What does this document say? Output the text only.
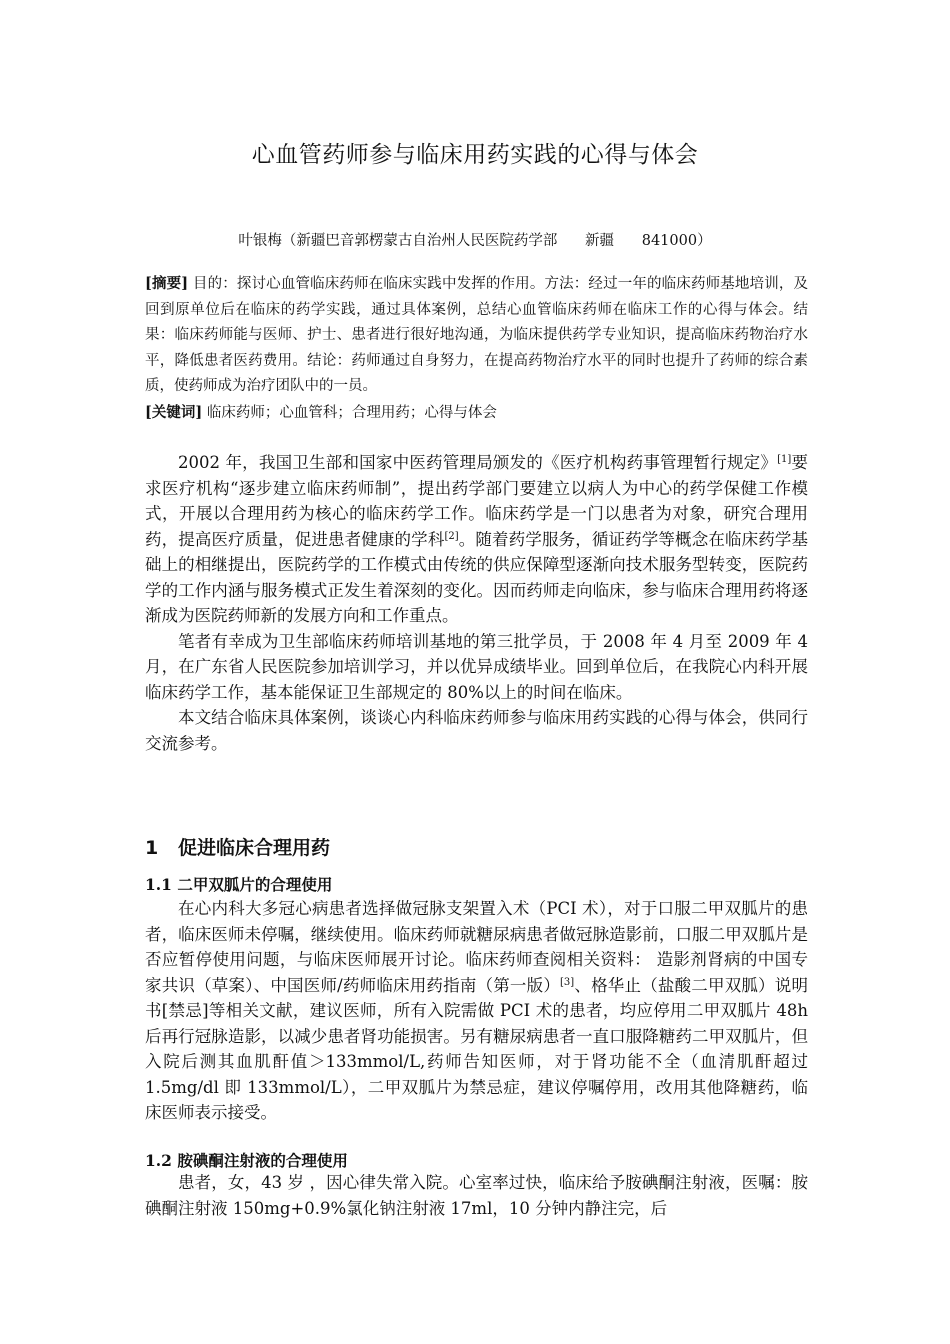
心血管药师参与临床用药实践的心得与体会
叶银梅（新疆巴音郭楞蒙古自治州人民医院药学部      新疆      841000）

[摘要] 目的：探讨心血管临床药师在临床实践中发挥的作用。方法：经过一年的临床药师基地培训，及回到原单位后在临床的药学实践，通过具体案例，总结心血管临床药师在临床工作的心得与体会。结果：临床药师能与医师、护士、患者进行很好地沟通，为临床提供药学专业知识，提高临床药物治疗水平，降低患者医药费用。结论：药师通过自身努力，在提高药物治疗水平的同时也提升了药师的综合素质，使药师成为治疗团队中的一员。

[关键词] 临床药师；心血管科；合理用药；心得与体会

2002 年，我国卫生部和国家中医药管理局颁发的《医疗机构药事管理暂行规定》[1]要求医疗机构“逐步建立临床药师制”，提出药学部门要建立以病人为中心的药学保健工作模式，开展以合理用药为核心的临床药学工作。临床药学是一门以患者为对象，研究合理用药，提高医疗质量，促进患者健康的学科[2]。随着药学服务，循证药学等概念在临床药学基础上的相继提出，医院药学的工作模式由传统的供应保障型逐渐向技术服务型转变，医院药学的工作内涵与服务模式正发生着深刻的变化。因而药师走向临床，参与临床合理用药将逐渐成为医院药师新的发展方向和工作重点。

笔者有幸成为卫生部临床药师培训基地的第三批学员，于 2008 年 4 月至 2009 年 4 月，在广东省人民医院参加培训学习，并以优异成绩毕业。回到单位后，在我院心内科开展临床药学工作，基本能保证卫生部规定的 80%以上的时间在临床。

本文结合临床具体案例，谈谈心内科临床药师参与临床用药实践的心得与体会，供同行交流参考。

1 促进临床合理用药
1.1 二甲双胍片的合理使用

在心内科大多冠心病患者选择做冠脉支架置入术（PCI 术），对于口服二甲双胍片的患者，临床医师未停嘱，继续使用。临床药师就糖尿病患者做冠脉造影前，口服二甲双胍片是否应暂停使用问题，与临床医师展开讨论。临床药师查阅相关资料： 造影剂肾病的中国专家共识（草案）、中国医师/药师临床用药指南（第一版）[3]、格华止（盐酸二甲双胍）说明书[禁忌]等相关文献，建议医师，所有入院需做 PCI 术的患者，均应停用二甲双胍片 48h 后再行冠脉造影，以减少患者肾功能损害。另有糖尿病患者一直口服降糖药二甲双胍片，但入院后测其血肌酐值＞133mmol/L,药师告知医师，对于肾功能不全（血清肌酐超过 1.5mg/dl 即 133mmol/L），二甲双胍片为禁忌症，建议停嘱停用，改用其他降糖药，临床医师表示接受。

1.2 胺碘酮注射液的合理使用

患者，女，43 岁 ，因心律失常入院。心室率过快，临床给予胺碘酮注射液，医嘱：胺碘酮注射液 150mg+0.9%氯化钠注射液 17ml，10 分钟内静注完，后
